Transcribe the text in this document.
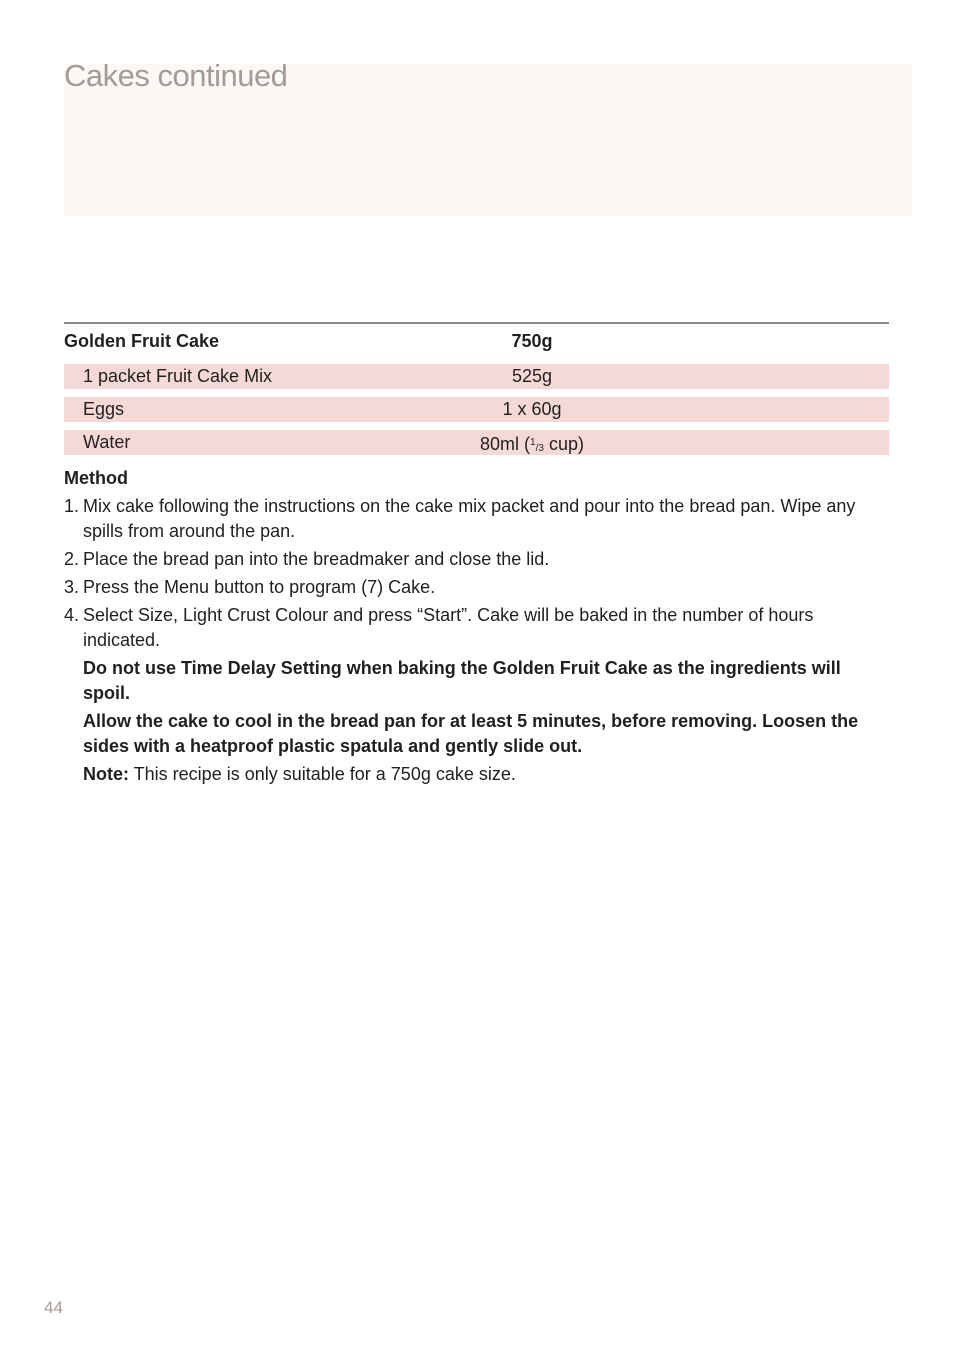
Cakes continued
Golden Fruit Cake	750g
1 packet Fruit Cake Mix	525g
Eggs	1 x 60g
Water	80ml ($^1$/3 cup)
Method
1. Mix cake following the instructions on the cake mix packet and pour into the bread pan. Wipe any spills from around the pan.
2. Place the bread pan into the breadmaker and close the lid.
3. Press the Menu button to program (7) Cake.
4. Select Size, Light Crust Colour and press “Start”. Cake will be baked in the number of hours indicated.
Do not use Time Delay Setting when baking the Golden Fruit Cake as the ingredients will spoil.
Allow the cake to cool in the bread pan for at least 5 minutes, before removing. Loosen the sides with a heatproof plastic spatula and gently slide out.
Note: This recipe is only suitable for a 750g cake size.
44
